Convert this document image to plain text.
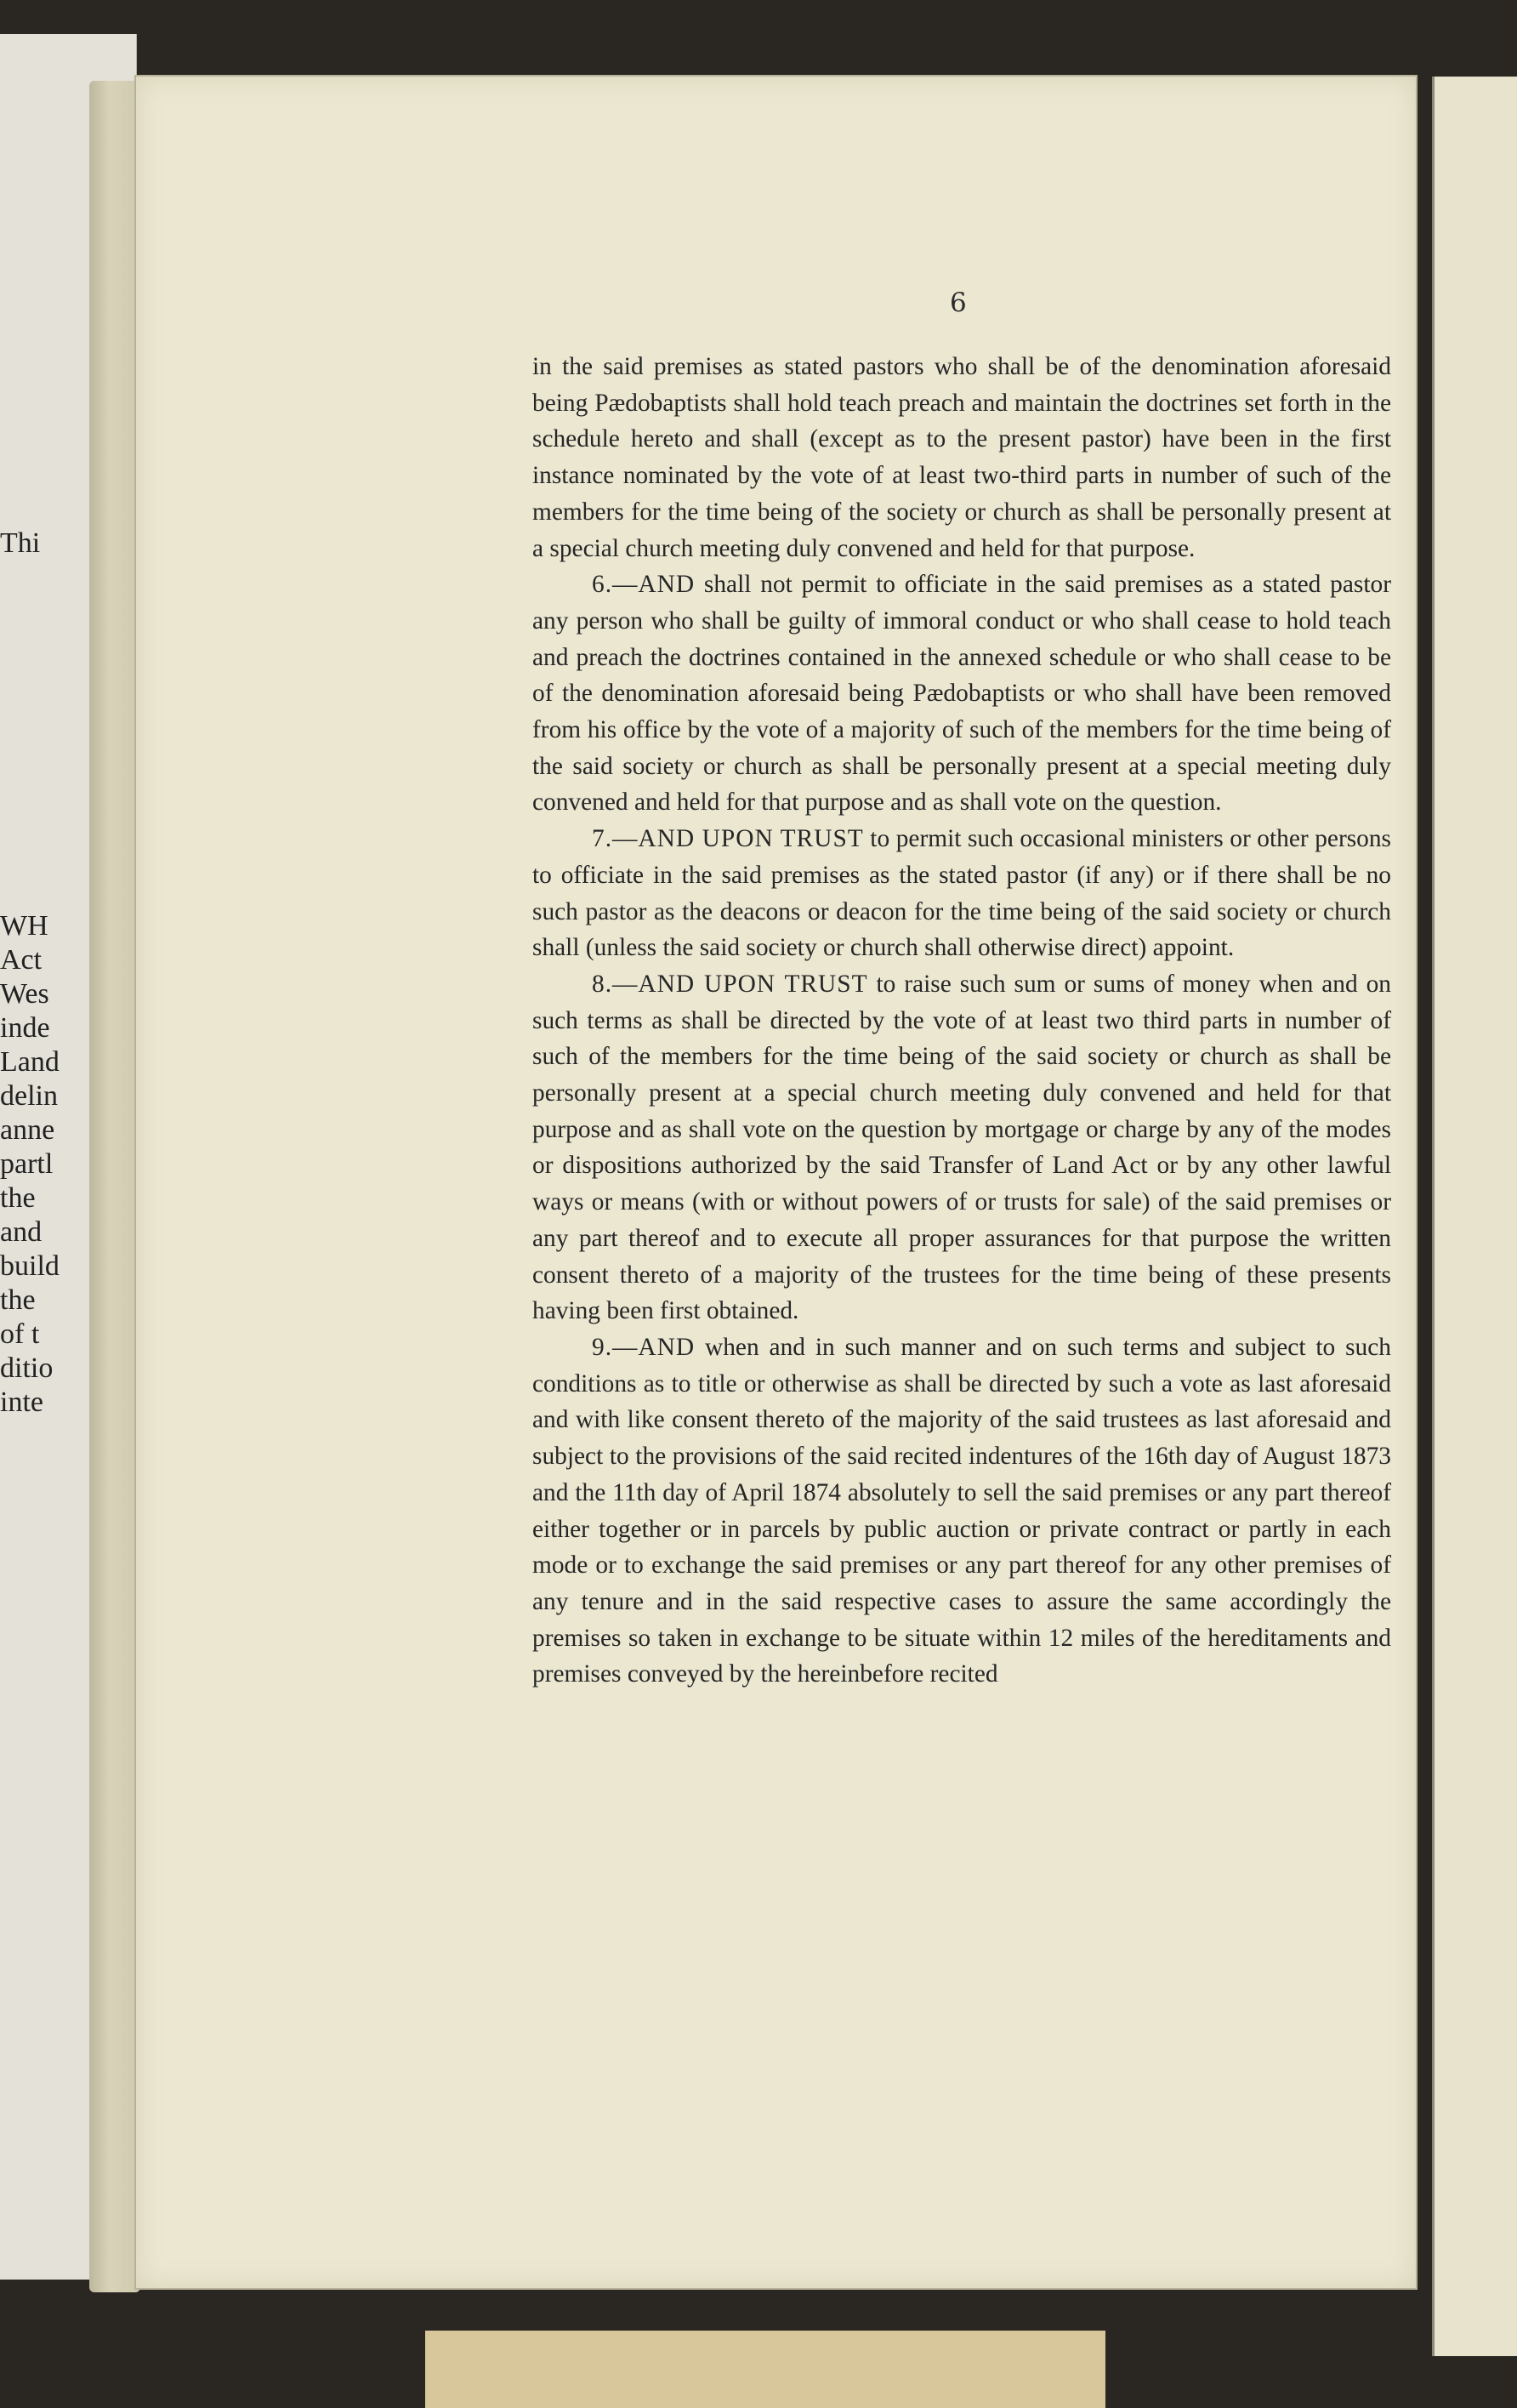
Thi
WH
Act
Wes
inde
Land
delin
anne
partl
the
and
build
the
of t
ditio
inte
6

in the said premises as stated pastors who shall be of the denomination aforesaid being Pædobaptists shall hold teach preach and maintain the doctrines set forth in the schedule hereto and shall (except as to the present pastor) have been in the first instance nominated by the vote of at least two-third parts in number of such of the members for the time being of the society or church as shall be personally present at a special church meeting duly convened and held for that purpose.

6.—AND shall not permit to officiate in the said premises as a stated pastor any person who shall be guilty of immoral conduct or who shall cease to hold teach and preach the doctrines contained in the annexed schedule or who shall cease to be of the denomination aforesaid being Pædobaptists or who shall have been removed from his office by the vote of a majority of such of the members for the time being of the said society or church as shall be personally present at a special meeting duly convened and held for that purpose and as shall vote on the question.

7.—AND UPON TRUST to permit such occasional ministers or other persons to officiate in the said premises as the stated pastor (if any) or if there shall be no such pastor as the deacons or deacon for the time being of the said society or church shall (unless the said society or church shall otherwise direct) appoint.

8.—AND UPON TRUST to raise such sum or sums of money when and on such terms as shall be directed by the vote of at least two third parts in number of such of the members for the time being of the said society or church as shall be personally present at a special church meeting duly convened and held for that purpose and as shall vote on the question by mortgage or charge by any of the modes or dispositions authorized by the said Transfer of Land Act or by any other lawful ways or means (with or without powers of or trusts for sale) of the said premises or any part thereof and to execute all proper assurances for that purpose the written consent thereto of a majority of the trustees for the time being of these presents having been first obtained.

9.—AND when and in such manner and on such terms and subject to such conditions as to title or otherwise as shall be directed by such a vote as last aforesaid and with like consent thereto of the majority of the said trustees as last aforesaid and subject to the provisions of the said recited indentures of the 16th day of August 1873 and the 11th day of April 1874 absolutely to sell the said premises or any part thereof either together or in parcels by public auction or private contract or partly in each mode or to exchange the said premises or any part thereof for any other premises of any tenure and in the said respective cases to assure the same accordingly the premises so taken in exchange to be situate within 12 miles of the hereditaments and premises conveyed by the hereinbefore recited
